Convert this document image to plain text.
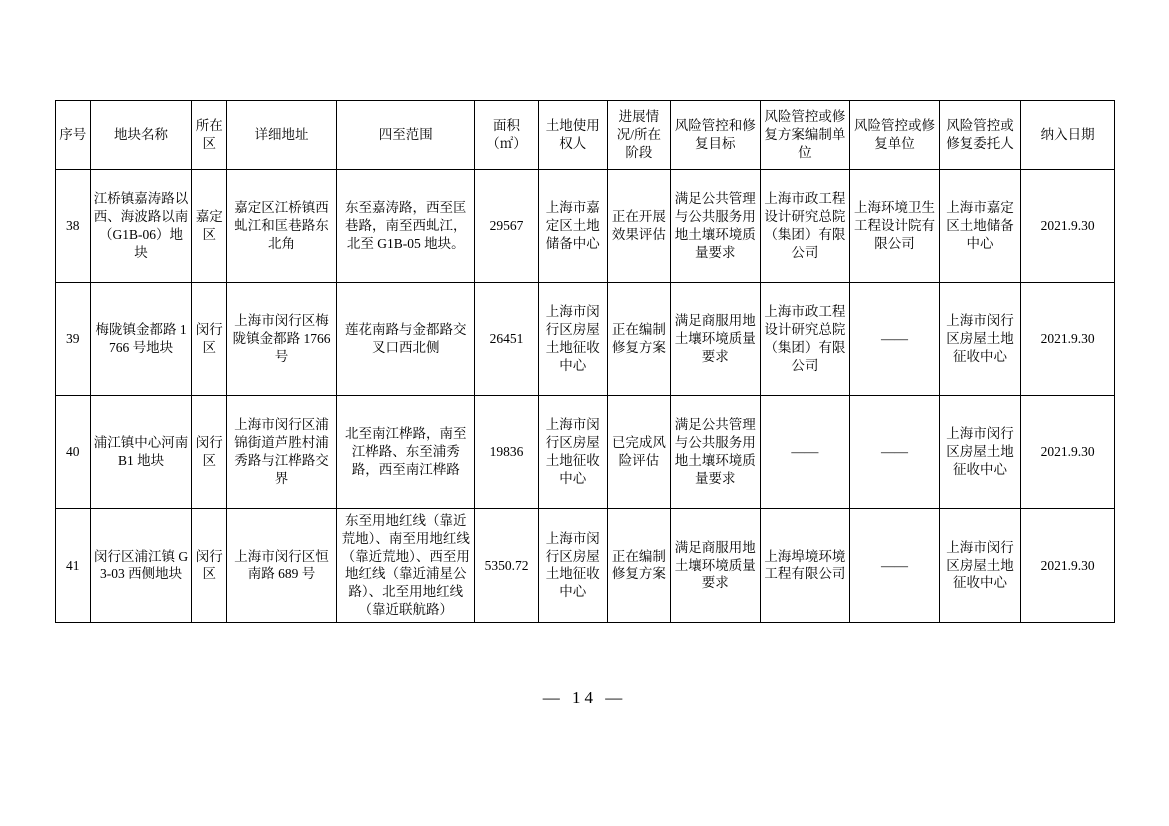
序号	地块名称	所在区	详细地址	四至范围	面积（㎡）	土地使用权人	进展情况/所在阶段	风险管控和修复目标	风险管控或修复方案编制单位	风险管控或修复单位	风险管控或修复委托人	纳入日期
38	江桥镇嘉涛路以西、海波路以南（G1B-06）地块	嘉定区	嘉定区江桥镇西虬江和匡巷路东北角	东至嘉涛路，西至匡巷路，南至西虬江，北至 G1B-05 地块。	29567	上海市嘉定区土地储备中心	正在开展效果评估	满足公共管理与公共服务用地土壤环境质量要求	上海市政工程设计研究总院（集团）有限公司	上海环境卫生工程设计院有限公司	上海市嘉定区土地储备中心	2021.9.30
39	梅陇镇金都路 1766 号地块	闵行区	上海市闵行区梅陇镇金都路 1766 号	莲花南路与金都路交叉口西北侧	26451	上海市闵行区房屋土地征收中心	正在编制修复方案	满足商服用地土壤环境质量要求	上海市政工程设计研究总院（集团）有限公司	——	上海市闵行区房屋土地征收中心	2021.9.30
40	浦江镇中心河南 B1 地块	闵行区	上海市闵行区浦锦街道芦胜村浦秀路与江桦路交界	北至南江桦路，南至江桦路、东至浦秀路，西至南江桦路	19836	上海市闵行区房屋土地征收中心	已完成风险评估	满足公共管理与公共服务用地土壤环境质量要求	——	——	上海市闵行区房屋土地征收中心	2021.9.30
41	闵行区浦江镇 G3-03 西侧地块	闵行区	上海市闵行区恒南路 689 号	东至用地红线（靠近荒地）、南至用地红线（靠近荒地）、西至用地红线（靠近浦星公路）、北至用地红线（靠近联航路）	5350.72	上海市闵行区房屋土地征收中心	正在编制修复方案	满足商服用地土壤环境质量要求	上海埠境环境工程有限公司	——	上海市闵行区房屋土地征收中心	2021.9.30
— 14 —
